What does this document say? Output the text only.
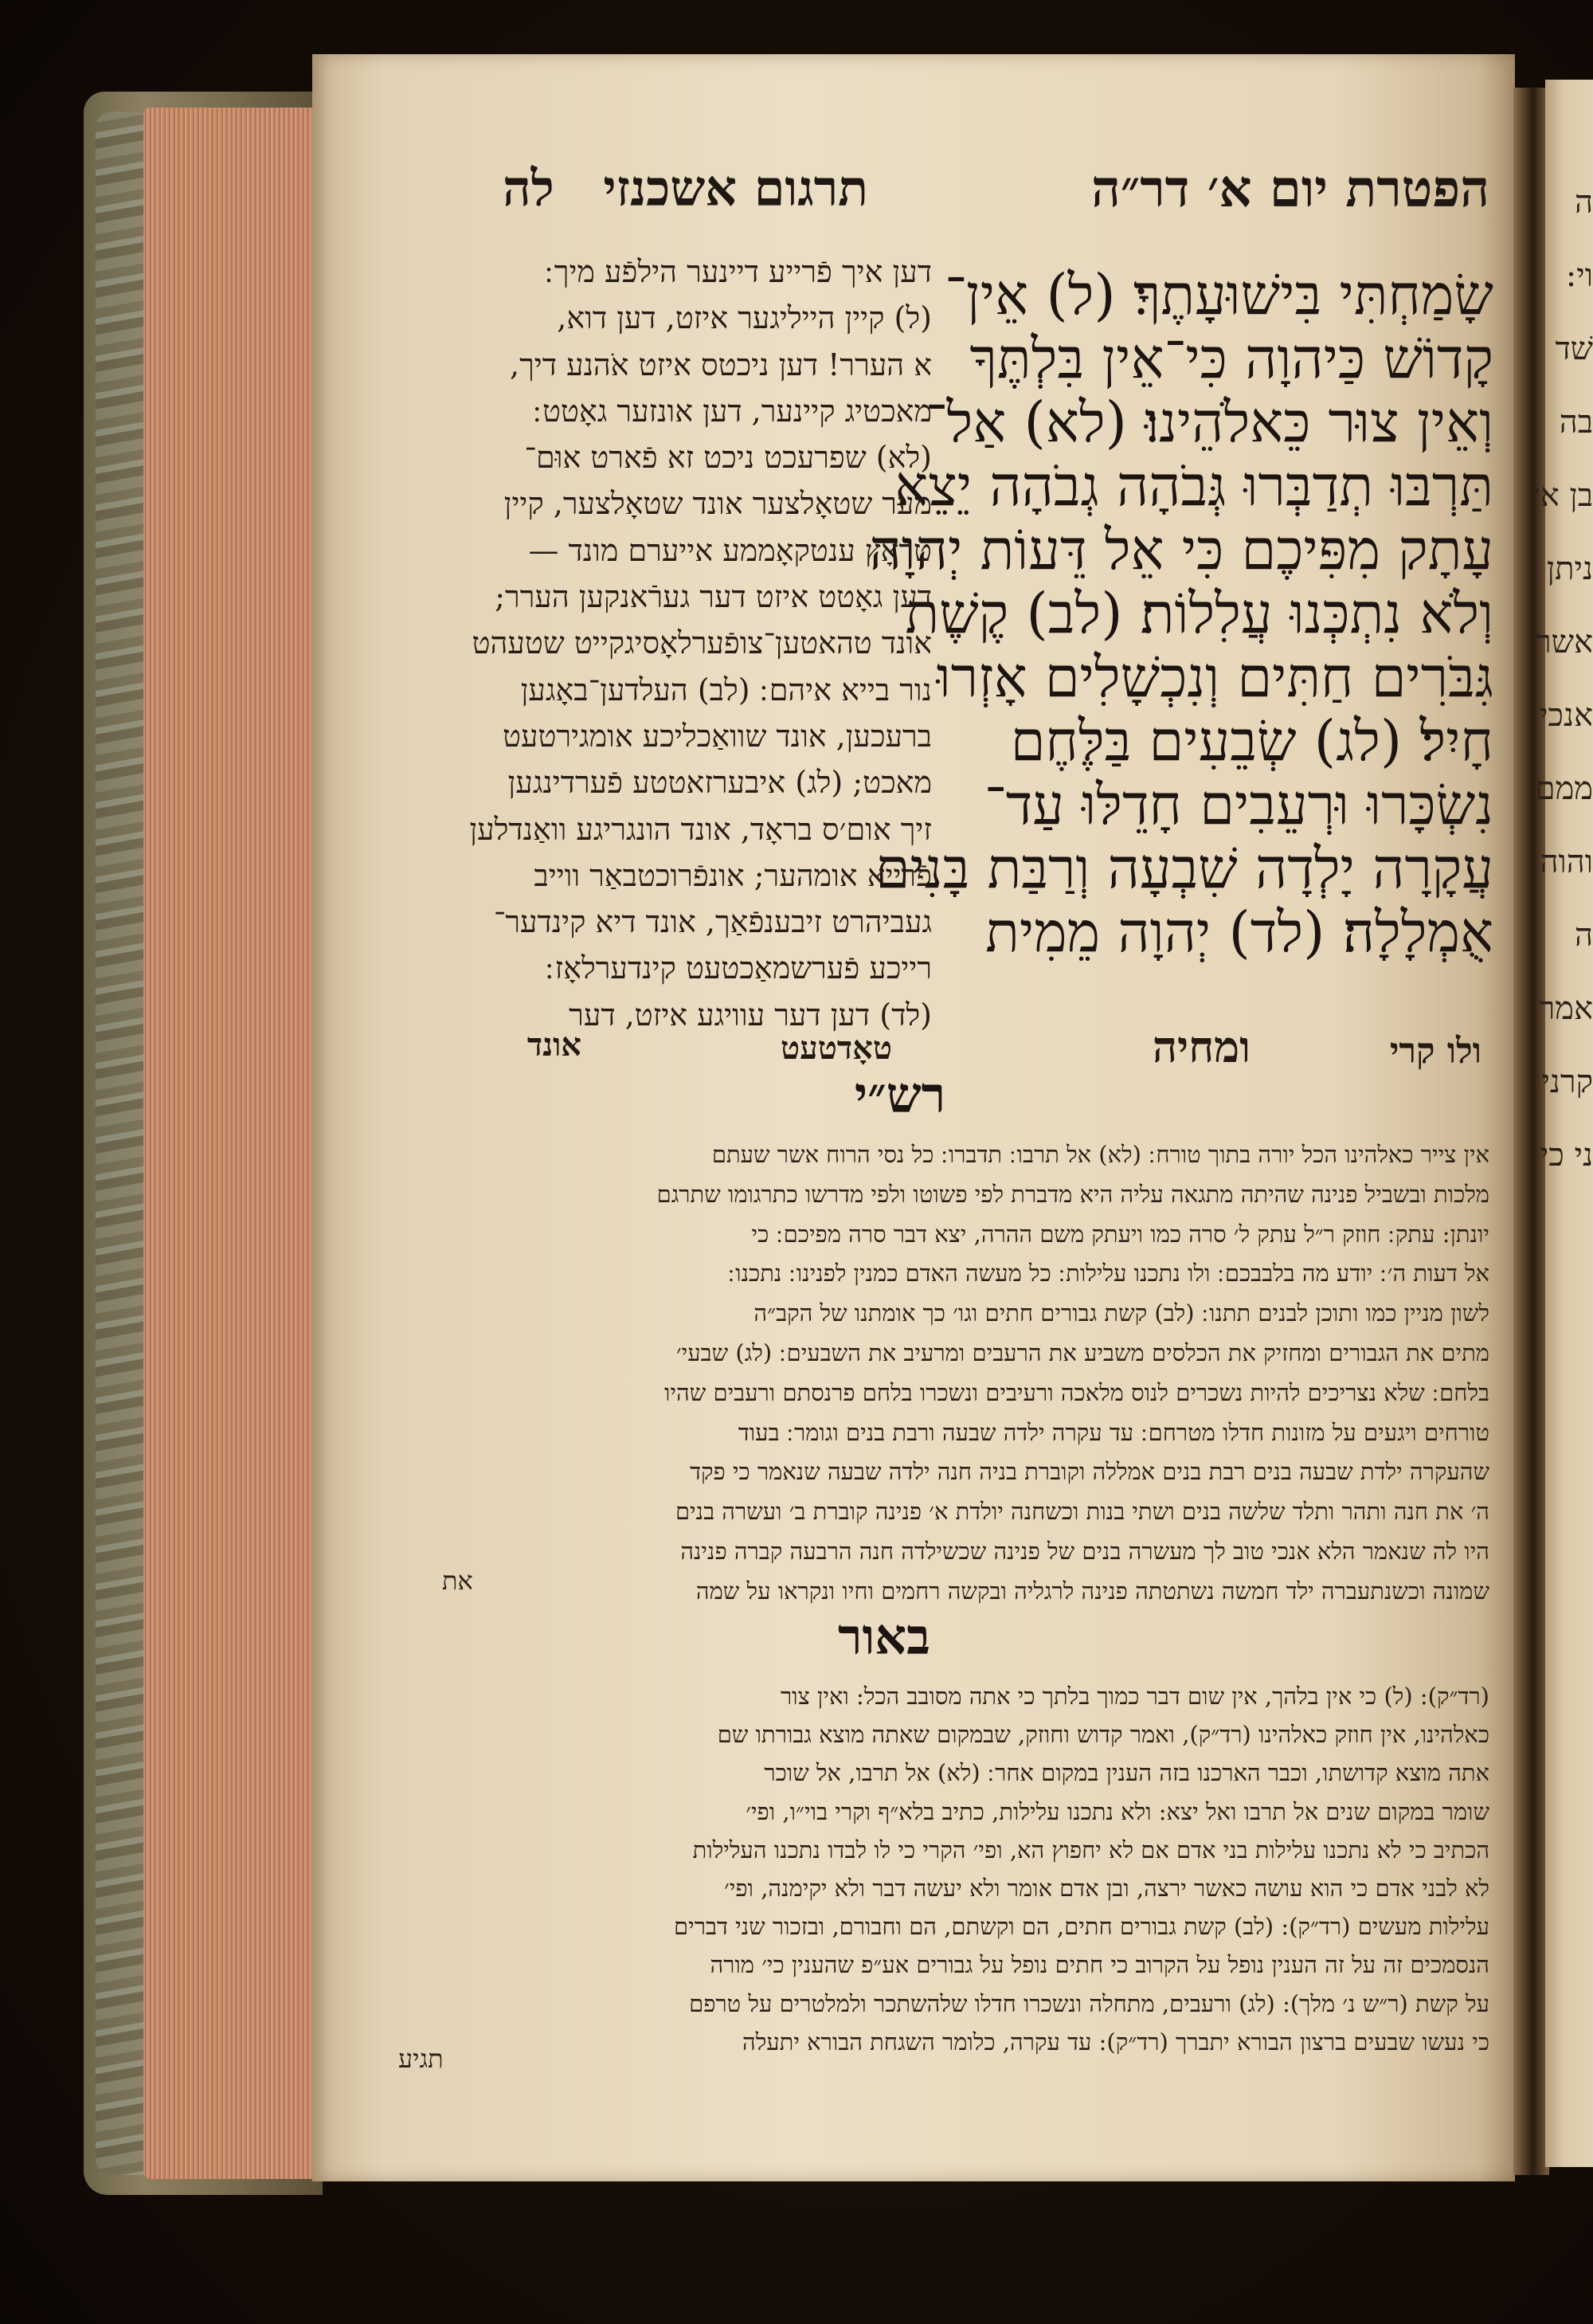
ה
וי:
שׁד
בה
בן א׳
ניתן
אשר
אנכי
ממם
והוה
ה
אמר
קרני
ני כי
הפטרת יום א׳ דר״ה
תרגום אשכנזי לה
שָׂמַחְתִּי בִּישׁוּעָתֶךָ׃ (ל) אֵין־
קָדוֹשׁ כַּיהוָה כִּי־אֵין בִּלְתֶּךָ
וְאֵין צוּר כֵּאלֹהֵינוּ׃ (לא) אַל־
תַּרְבּוּ תְדַבְּרוּ גְּבֹהָה גְבֹהָה יֵצֵא
עָתָק מִפִּיכֶם כִּי אֵל דֵּעוֹת יְהוָה
וְלֹא נִתְכְּנוּ עֲלִלוֹת׃ (לב) קֶשֶׁת
גִּבֹּרִים חַתִּים וְנִכְשָׁלִים אָזְרוּ
חָיִל׃ (לג) שְׂבֵעִים בַּלֶּחֶם
נִשְׂכָּרוּ וּרְעֵבִים חָדֵלּוּ עַד־
עֲקָרָה יָלְדָה שִׁבְעָה וְרַבַּת בָּנִים
אֻמְלָלָה׃ (לד) יְהוָה מֵמִית
דען איך פֿרייע דיינער הילפֿע מיך ׃
(ל) קיין הייליגער איזט, דען דוא,
א הערר! דען ניכטס איזט אֹהנע דיך,
מאכטיג קיינער, דען אונזער גאָטט ׃
(לא) שפרעכט ניכט זא פֿארט אוּם־
מער שטאָלצער אונד שטאָלצער, קיין
טראָץ ענטקאָממע אייערם מונד —
דען גאָטט איזט דער גערֿאנקען הערר;
אונד טהאטען־צופֿערלאָסיגקייט שטעהט
נור בייא איהם ׃ (לב) העלדען־באָגען
ברעכען, אונד שוואַכליכע אומגירטעט
מאכט; (לג) איבערזאטטע פֿערדינגען
זיך אום׳ס בראָד, אונד הונגריגע וואַנדלען
פֿרייא אומהער; אונפֿרוכטבאַר ווייב
געביהרט זיבענפֿאַך, אונד דיא קינדער־
רייכע פֿערשמאַכטעט קינדערלאָז ׃
(לד) דען דער עוויגע איזט, דער
ולו קרי
ומחיה
טאָדטעט
אונד
רש״י
אין צייר כאלהינו הכל יורה בתוך טורח ׃ (לא) אל תרבו ׃ תדברו ׃ כל נסי הרוח אשר שעתם
מלכות ובשביל פנינה שהיתה מתגאה עליה היא מדברת לפי פשוטו ולפי מדרשו כתרגומו שתרגם
יונתן: עתק ׃ חוזק ר״ל עתק ל׳ סרה כמו ויעתק משם ההרה, יצא דבר סרה מפיכם ׃ כי
אל דעות ה׳ ׃ יודע מה בלבבכם ׃ ולו נתכנו עלילות ׃ כל מעשה האדם כמנין לפנינו ׃ נתכנו ׃
לשון מניין כמו ותוכן לבנים תתנו ׃ (לב) קשת גבורים חתים וגו׳ כך אומתנו של הקב״ה
מתים את הגבורים ומחזיק את הכלסים משביע את הרעבים ומרעיב את השבעים ׃ (לג) שבעי׳
בלחם ׃ שלא נצריכים להיות נשכרים לנוס מלאכה ורעיבים ונשכרו בלחם פרנסתם ורעבים שהיו
טורחים ויגעים על מזונות חדלו מטרחם ׃ עד עקרה ילדה שבעה ורבת בנים וגומר ׃ בעוד
שהעקרה ילדת שבעה בנים רבת בנים אמללה וקוברת בניה חנה ילדה שבעה שנאמר כי פקד
ה׳ את חנה ותהר ותלד שלשה בנים ושתי בנות וכשחנה יולדת א׳ פנינה קוברת ב׳ ועשרה בנים
היו לה שנאמר הלא אנכי טוב לך מעשרה בנים של פנינה שכשילדה חנה הרבעה קברה פנינה
שמונה וכשנתעברה ילד חמשה נשתטתה פנינה לרגליה ובקשה רחמים וחיו ונקראו על שמה
את
באור
(רד״ק): (ל) כי אין בלהך, אין שום דבר כמוך בלתך כי אתה מסובב הכל: ואין צור
כאלהינו, אין חוזק כאלהינו (רד״ק), ואמר קדוש וחוזק, שבמקום שאתה מוצא גבורתו שם
אתה מוצא קדושתו, וכבר הארכנו בזה הענין במקום אחר ׃ (לא) אל תרבו, אל שוכר
שומר במקום שנים אל תרבו ואל יצא: ולא נתכנו עלילות, כתיב בלא״ף וקרי בוי״ו, ופי׳
הכתיב כי לא נתכנו עלילות בני אדם אם לא יחפוץ הא, ופי׳ הקרי כי לו לבדו נתכנו העלילות
לא לבני אדם כי הוא עושה כאשר ירצה, ובן אדם אומר ולא יעשה דבר ולא יקימנה, ופי׳
עלילות מעשים (רד״ק): (לב) קשת גבורים חתים, הם וקשתם, הם וחבורם, ובזכור שני דברים
הנסמכים זה על זה הענין נופל על הקרוב כי חתים נופל על גבורים אע״פ שהענין כי׳ מורה
על קשת (ר״ש נ׳ מלך): (לג) ורעבים, מתחלה ונשכרו חדלו שלהשתכר ולמלטרים על טרפם
כי נעשו שבעים ברצון הבורא יתברך (רד״ק): עד עקרה, כלומר השגחת הבורא יתעלה
תגיע
